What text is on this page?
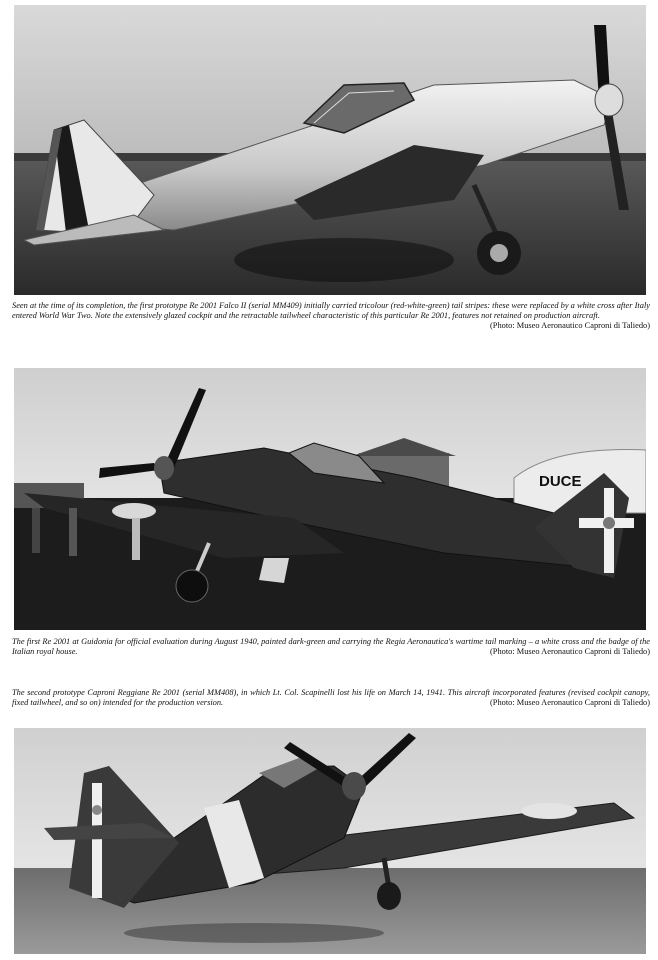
Seen at the time of its completion, the first prototype Re 2001 Falco II (serial MM409) initially carried tricolour (red-white-green) tail stripes: these were replaced by a white cross after Italy entered World War Two. Note the extensively glazed cockpit and the retractable tailwheel characteristic of this particular Re 2001, features not retained on production aircraft.
(Photo: Museo Aeronautico Caproni di Taliedo)
DUCE
The first Re 2001 at Guidonia for official evaluation during August 1940, painted dark-green and carrying the Regia Aeronautica's wartime tail marking – a white cross and the badge of the Italian royal house.	(Photo: Museo Aeronautico Caproni di Taliedo)
The second prototype Caproni Reggiane Re 2001 (serial MM408), in which Lt. Col. Scapinelli lost his life on March 14, 1941. This aircraft incorporated features (revised cockpit canopy, fixed tailwheel, and so on) intended for the production version.	(Photo: Museo Aeronautico Caproni di Taliedo)
